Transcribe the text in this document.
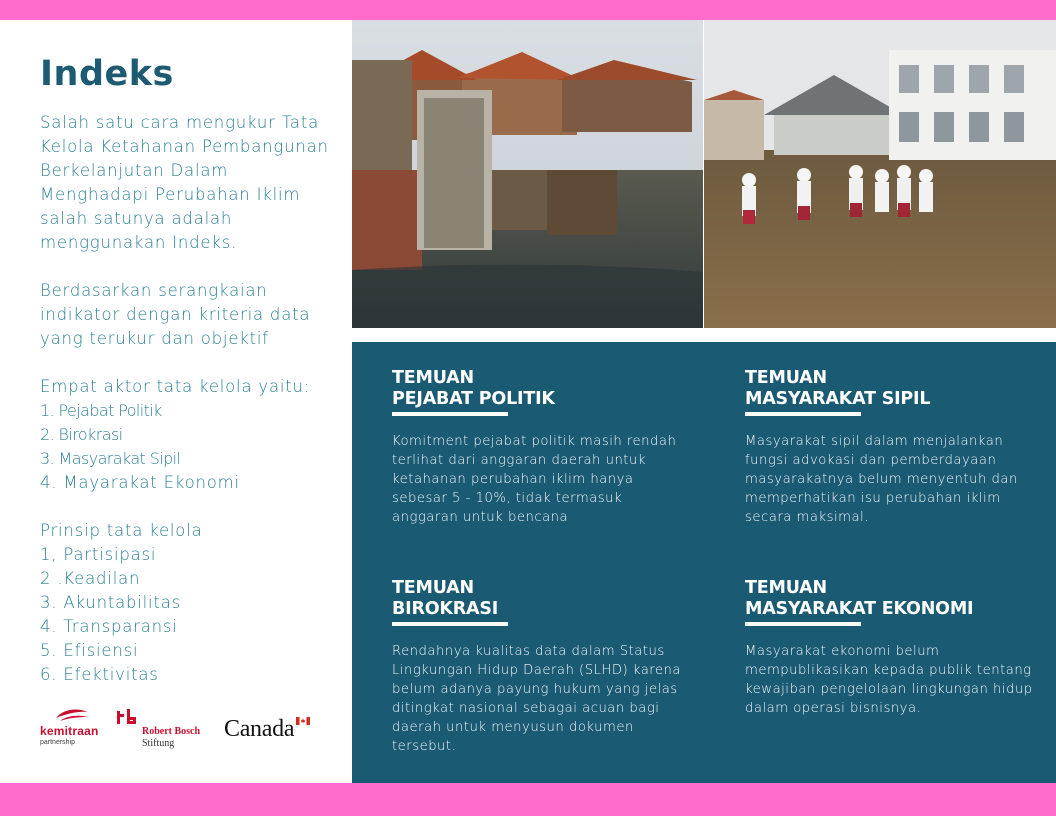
Indeks

Salah satu cara mengukur Tata Kelola Ketahanan Pembangunan Berkelanjutan Dalam Menghadapi Perubahan Iklim salah satunya adalah menggunakan Indeks.

Berdasarkan serangkaian indikator dengan kriteria data yang terukur dan objektif

Empat aktor tata kelola yaitu:
1. Pejabat Politik
2. Birokrasi
3. Masyarakat Sipil
4. Mayarakat Ekonomi
Prinsip tata kelola
1, Partisipasi
2 .Keadilan
3. Akuntabilitas
4. Transparansi
5. Efisiensi
6. Efektivitas
kemitraan
partnership
Robert Bosch
Stiftung
Canada
TEMUAN
PEJABAT POLITIK

Komitment pejabat politik masih rendah terlihat dari anggaran daerah untuk ketahanan perubahan iklim hanya sebesar 5 - 10%, tidak termasuk anggaran untuk bencana

TEMUAN
MASYARAKAT SIPIL

Masyarakat sipil dalam menjalankan fungsi advokasi dan pemberdayaan masyarakatnya belum menyentuh dan memperhatikan isu perubahan iklim secara maksimal.

TEMUAN
BIROKRASI

Rendahnya kualitas data dalam Status Lingkungan Hidup Daerah (SLHD) karena belum adanya payung hukum yang jelas ditingkat nasional sebagai acuan bagi daerah untuk menyusun dokumen tersebut.

TEMUAN
MASYARAKAT EKONOMI

Masyarakat ekonomi belum mempublikasikan kepada publik tentang kewajiban pengelolaan lingkungan hidup dalam operasi bisnisnya.
